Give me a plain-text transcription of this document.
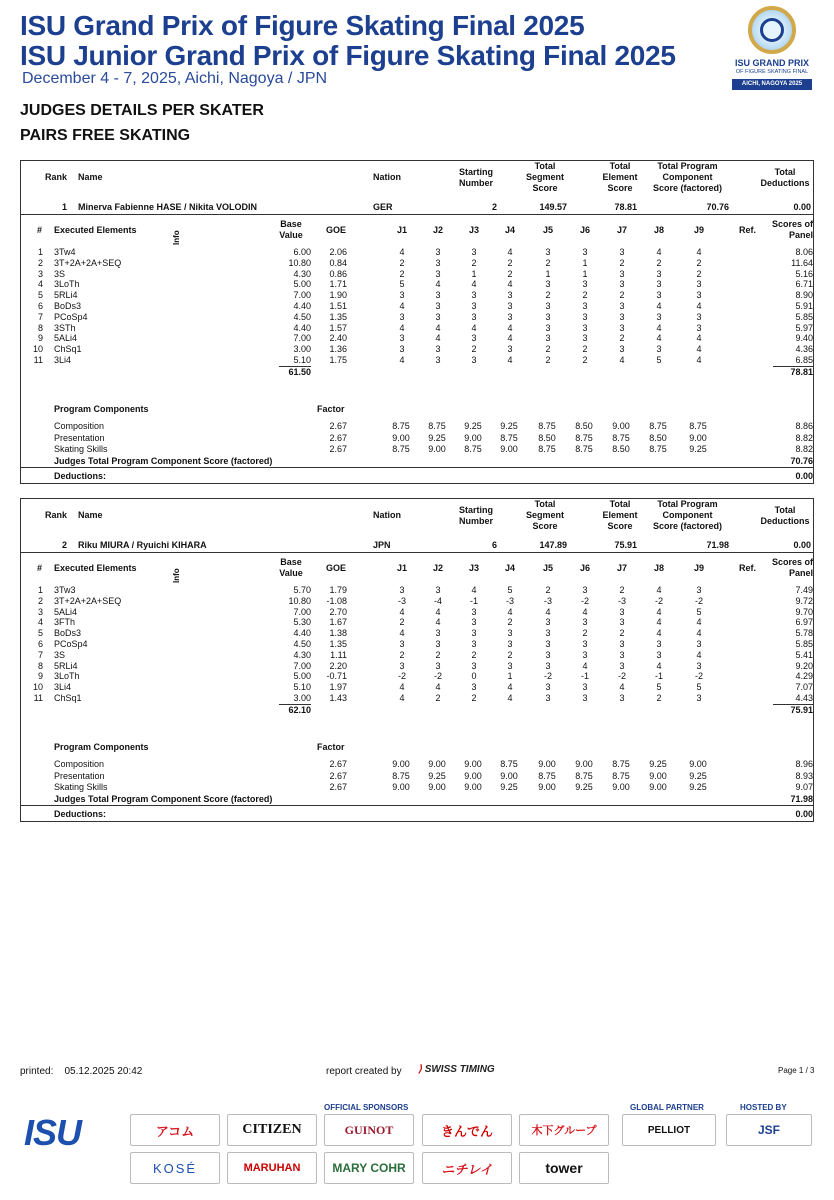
ISU Grand Prix of Figure Skating Final 2025
ISU Junior Grand Prix of Figure Skating Final 2025
December 4 - 7, 2025, Aichi, Nagoya / JPN
ISU GRAND PRIX
OF FIGURE SKATING FINAL
AICHI, NAGOYA 2025
JUDGES DETAILS PER SKATER
PAIRS FREE SKATING
Rank Name	Nation	Starting
Number
Total
Segment
Score
Total
Element
Score
Total Program
Component
Score (factored)
Total
Deductions
1 Minerva Fabienne HASE / Nikita VOLODIN	GER	2	149.57	78.81	70.76	0.00
# Executed Elements
Info
Base
Value	GOE	J1	J2	J3	J4	J5	J6	J7	J8	J9	Ref.
Scores of
Panel
1 3Tw4	6.00	2.06	4	3	3	4	3	3	3	4	4	8.06
2 3T+2A+2A+SEQ	10.80	0.84	2	3	2	2	2	1	2	2	2	11.64
3 3S	4.30	0.86	2	3	1	2	1	1	3	3	2	5.16
4 3LoTh	5.00	1.71	5	4	4	4	3	3	3	3	3	6.71
5 5RLi4	7.00	1.90	3	3	3	3	2	2	2	3	3	8.90
6 BoDs3	4.40	1.51	4	3	3	3	3	3	3	4	4	5.91
7 PCoSp4	4.50	1.35	3	3	3	3	3	3	3	3	3	5.85
8 3STh	4.40	1.57	4	4	4	4	3	3	3	4	3	5.97
9 5ALi4	7.00	2.40	3	4	3	4	3	3	2	4	4	9.40
10 ChSq1	3.00	1.36	3	3	2	3	2	2	3	3	4	4.36
11 3Li4	5.10	1.75	4	3	3	4	2	2	4	5	4	6.85
61.50	78.81
Program Components	Factor
Composition	2.67	8.75	8.75	9.25	9.25	8.75	8.50	9.00	8.75	8.75	8.86
Presentation	2.67	9.00	9.25	9.00	8.75	8.50	8.75	8.75	8.50	9.00	8.82
Skating Skills	2.67	8.75	9.00	8.75	9.00	8.75	8.75	8.50	8.75	9.25	8.82
Judges Total Program Component Score (factored)	70.76
Deductions:	0.00
Rank Name	Nation	Starting
Number
Total
Segment
Score
Total
Element
Score
Total Program
Component
Score (factored)
Total
Deductions
2 Riku MIURA / Ryuichi KIHARA	JPN	6	147.89	75.91	71.98	0.00
# Executed Elements
Info
Base
Value	GOE	J1	J2	J3	J4	J5	J6	J7	J8	J9	Ref.
Scores of
Panel
1 3Tw3	5.70	1.79	3	3	4	5	2	3	2	4	3	7.49
2 3T+2A+2A+SEQ	10.80	-1.08	-3	-4	-1	-3	-3	-2	-3	-2	-2	9.72
3 5ALi4	7.00	2.70	4	4	3	4	4	4	3	4	5	9.70
4 3FTh	5.30	1.67	2	4	3	2	3	3	3	4	4	6.97
5 BoDs3	4.40	1.38	4	3	3	3	3	2	2	4	4	5.78
6 PCoSp4	4.50	1.35	3	3	3	3	3	3	3	3	3	5.85
7 3S	4.30	1.11	2	2	2	2	3	3	3	3	4	5.41
8 5RLi4	7.00	2.20	3	3	3	3	3	4	3	4	3	9.20
9 3LoTh	5.00	-0.71	-2	-2	0	1	-2	-1	-2	-1	-2	4.29
10 3Li4	5.10	1.97	4	4	3	4	3	3	4	5	5	7.07
11 ChSq1	3.00	1.43	4	2	2	4	3	3	3	2	3	4.43
62.10	75.91
Program Components	Factor
Composition	2.67	9.00	9.00	9.00	8.75	9.00	9.00	8.75	9.25	9.00	8.96
Presentation	2.67	8.75	9.25	9.00	9.00	8.75	8.75	8.75	9.00	9.25	8.93
Skating Skills	2.67	9.00	9.00	9.00	9.25	9.00	9.25	9.00	9.00	9.25	9.07
Judges Total Program Component Score (factored)	71.98
Deductions:	0.00
printed: 05.12.2025 20:42	report created by ⟩ SWISS TIMING	Page 1 / 3
ISU
OFFICIAL SPONSORS	GLOBAL PARTNER	HOSTED BY
アコム	CITIZEN	GUINOT	きんでん	木下グループ
KOSÉ	MARUHAN	MARY COHR	ニチレイ	tower
PELLIOT	JSF
